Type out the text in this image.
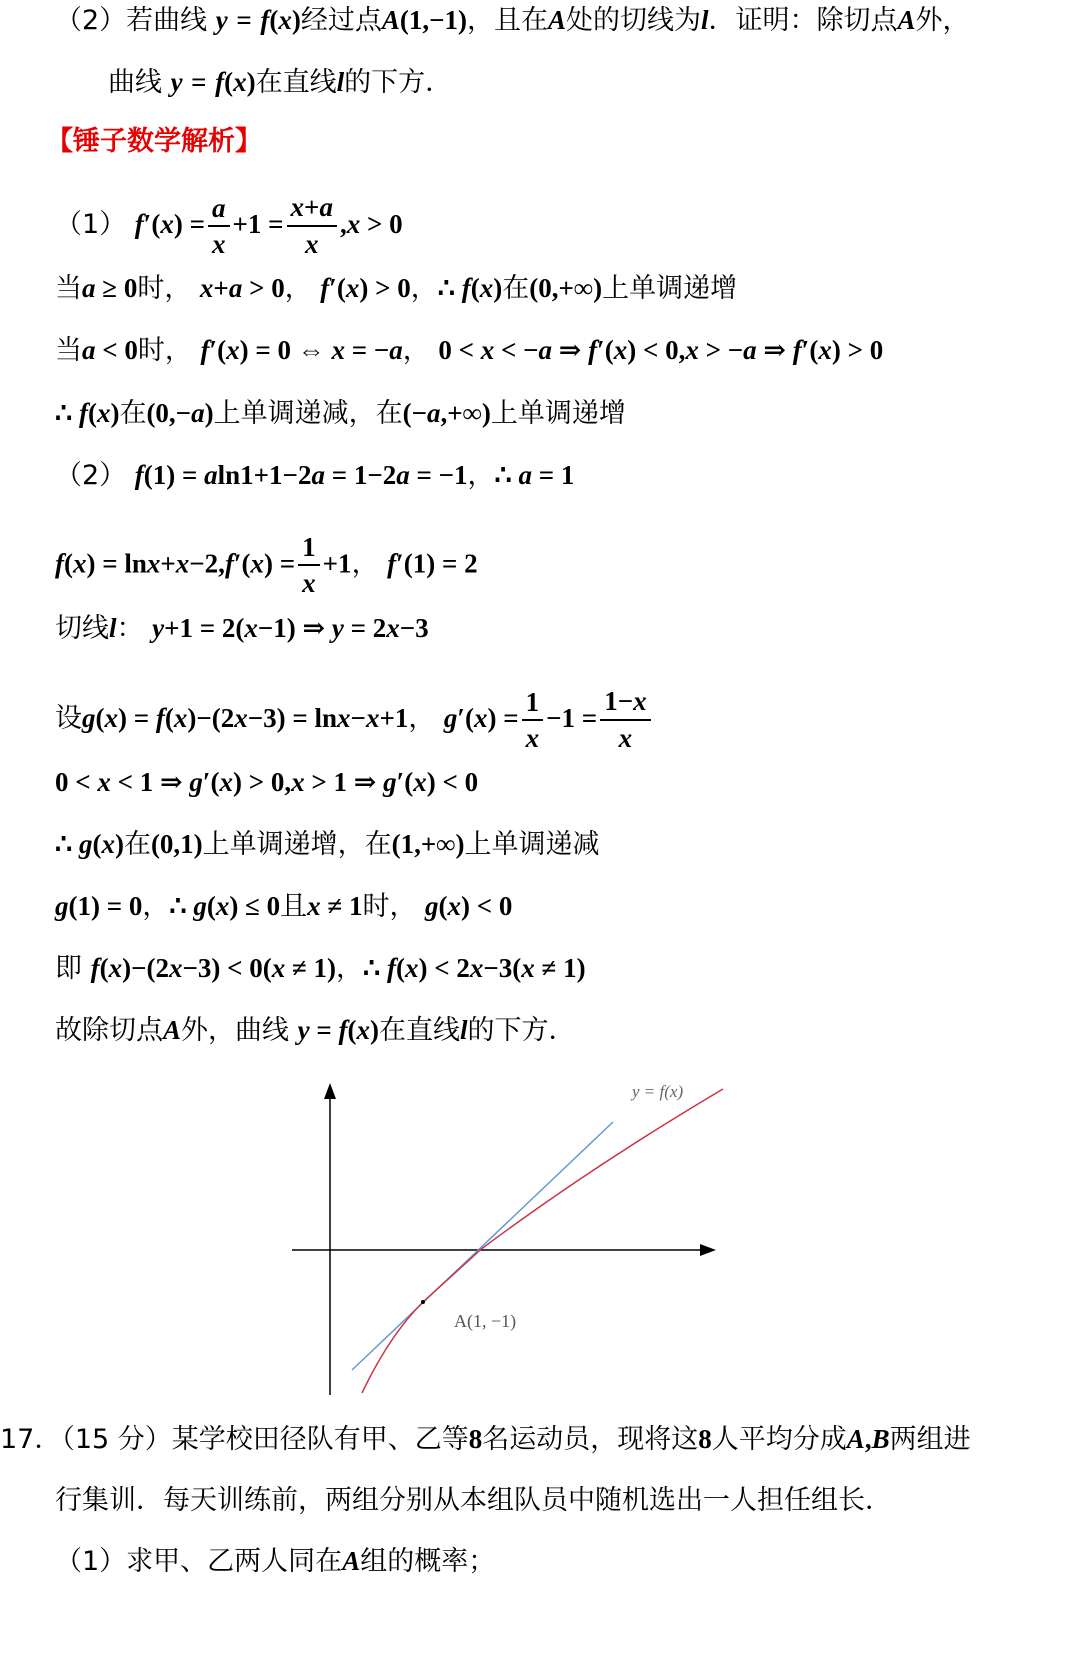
（2）若曲线 y = f(x)经过点A(1,−1)，且在A处的切线为l．证明：除切点A外，
曲线 y = f(x)在直线l的下方．
【锤子数学解析】
（1） $f'(x) = \frac{a}{x} +1 = \frac{x+a}{x} ,x > 0$
当a ≥ 0时， x+a > 0， f′(x) > 0，∴ f(x)在(0,+∞)上单调递增
当a < 0时， f′(x) = 0 ⇔ x = −a， 0 < x < −a ⇒ f′(x) < 0,x > −a ⇒ f′(x) > 0
∴ f(x)在(0,−a)上单调递减，在(−a,+∞)上单调递增
（2） f(1) = aln1+1−2a = 1−2a = −1，∴ a = 1
$f(x) = \ln x+x-2,f'(x) = \frac{1}{x} +1$， f′(1) = 2
切线l： y+1 = 2(x−1) ⇒ y = 2x−3
设g(x) = f(x)−(2x−3) = lnx−x+1， $g'(x) = \frac{1}{x} -1 = \frac{1-x}{x}$
0 < x < 1 ⇒ g′(x) > 0,x > 1 ⇒ g′(x) < 0
∴ g(x)在(0,1)上单调递增，在(1,+∞)上单调递减
g(1) = 0，∴ g(x) ≤ 0且x ≠ 1时， g(x) < 0
即 f(x)−(2x−3) < 0(x ≠ 1)，∴ f(x) < 2x−3(x ≠ 1)
故除切点A外，曲线 y = f(x)在直线l的下方．
17．（15 分）某学校田径队有甲、乙等8名运动员，现将这8人平均分成A,B两组进
行集训．每天训练前，两组分别从本组队员中随机选出一人担任组长．
（1）求甲、乙两人同在A组的概率；
y = f(x)
A(1, −1)
